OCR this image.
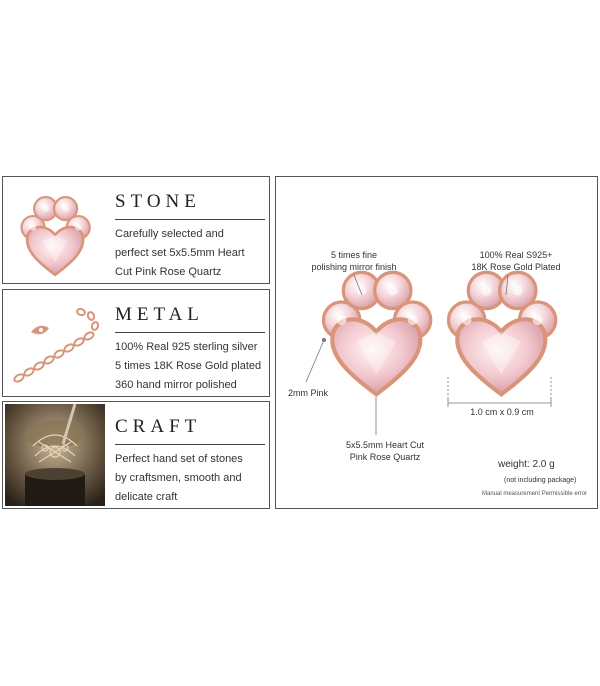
STONE
Carefully selected and
perfect set 5x5.5mm Heart
Cut Pink Rose Quartz
METAL
100% Real 925 sterling silver
5 times 18K Rose Gold plated
360 hand mirror polished
CRAFT
Perfect hand set of stones
by craftsmen, smooth and
delicate craft
5 times fine
polishing mirror finish
100% Real S925+
18K Rose Gold Plated
2mm Pink
1.0 cm x 0.9 cm
5x5.5mm Heart Cut
Pink Rose Quartz
weight: 2.0 g
(not including package)
Manual measurement Permissible error
